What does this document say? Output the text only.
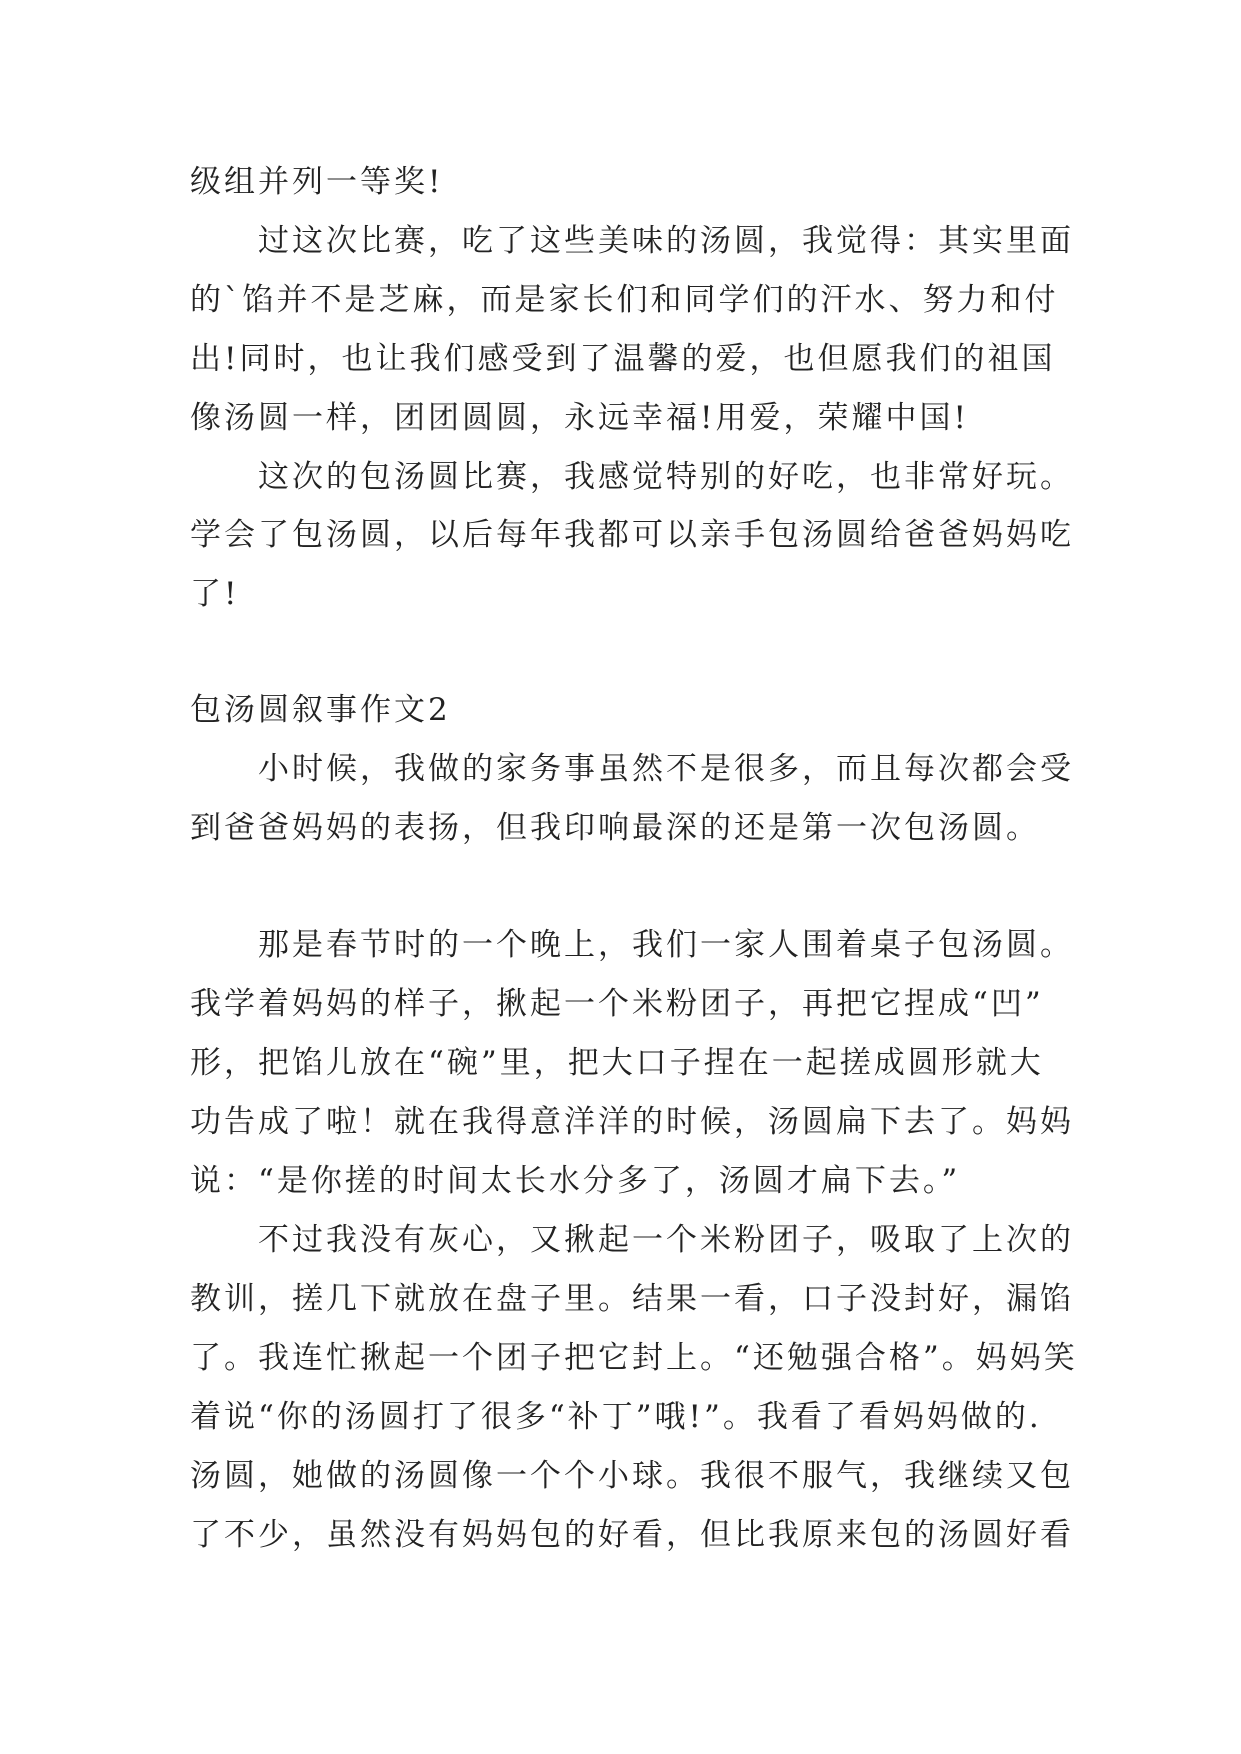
级组并列一等奖!

过这次比赛，吃了这些美味的汤圆，我觉得：其实里面

的`馅并不是芝麻，而是家长们和同学们的汗水、努力和付

出!同时，也让我们感受到了温馨的爱，也但愿我们的祖国

像汤圆一样，团团圆圆，永远幸福!用爱，荣耀中国!

这次的包汤圆比赛，我感觉特别的好吃，也非常好玩。

学会了包汤圆，以后每年我都可以亲手包汤圆给爸爸妈妈吃

了!

包汤圆叙事作文2

小时候，我做的家务事虽然不是很多，而且每次都会受

到爸爸妈妈的表扬，但我印响最深的还是第一次包汤圆。

那是春节时的一个晚上，我们一家人围着桌子包汤圆。

我学着妈妈的样子，揪起一个米粉团子，再把它捏成“凹”

形，把馅儿放在“碗”里，把大口子捏在一起搓成圆形就大

功告成了啦！就在我得意洋洋的时候，汤圆扁下去了。妈妈

说：“是你搓的时间太长水分多了，汤圆才扁下去。”

不过我没有灰心，又揪起一个米粉团子，吸取了上次的

教训，搓几下就放在盘子里。结果一看，口子没封好，漏馅

了。我连忙揪起一个团子把它封上。“还勉强合格”。妈妈笑

着说“你的汤圆打了很多“补丁”哦!”。我看了看妈妈做的.

汤圆，她做的汤圆像一个个小球。我很不服气，我继续又包

了不少，虽然没有妈妈包的好看，但比我原来包的汤圆好看
